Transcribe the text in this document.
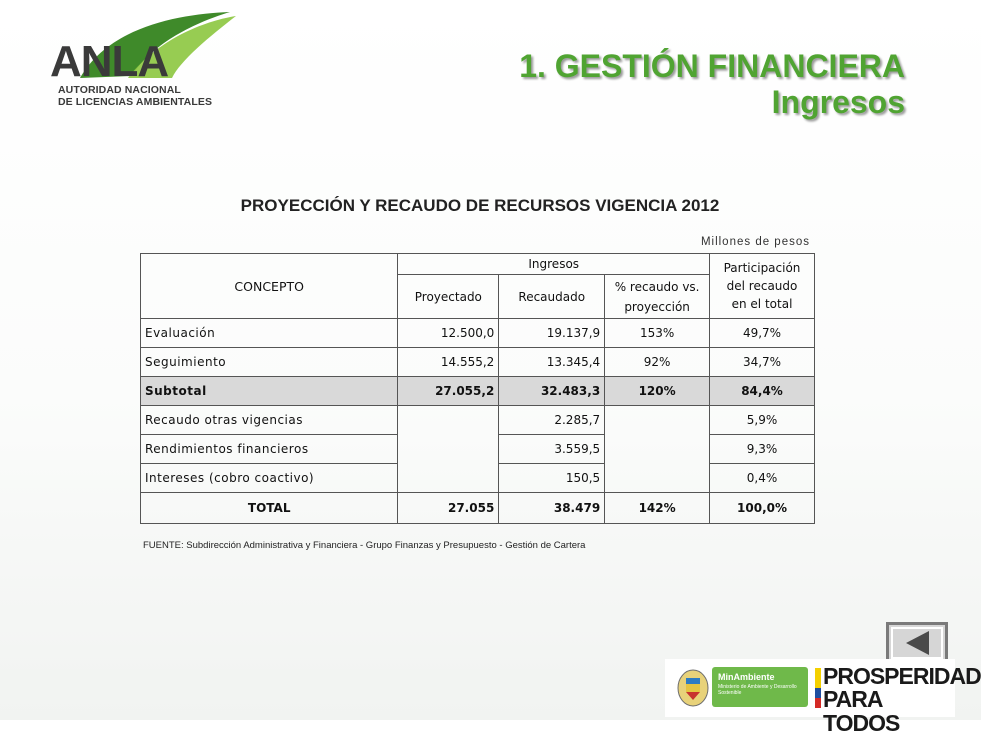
ANLA
AUTORIDAD NACIONAL
DE LICENCIAS AMBIENTALES
1. GESTIÓN FINANCIERA
Ingresos
PROYECCIÓN Y RECAUDO DE RECURSOS VIGENCIA 2012
Millones de pesos
CONCEPTO	Ingresos			Participación
del recaudo
en el total

	Proyectado	Recaudado	% recaudo vs.
proyección	

Evaluación	12.500,0	19.137,9	153%	49,7%
Seguimiento	14.555,2	13.345,4	92%	34,7%
Subtotal	27.055,2	32.483,3	120%	84,4%
Recaudo otras vigencias		2.285,7		5,9%
Rendimientos financieros		3.559,5		9,3%
Intereses (cobro coactivo)		150,5		0,4%
TOTAL	27.055	38.479	142%	100,0%
FUENTE: Subdirección Administrativa y Financiera - Grupo Finanzas y Presupuesto - Gestión de Cartera
MinAmbiente
Ministerio de Ambiente y Desarrollo Sostenible
PROSPERIDAD
PARA TODOS
